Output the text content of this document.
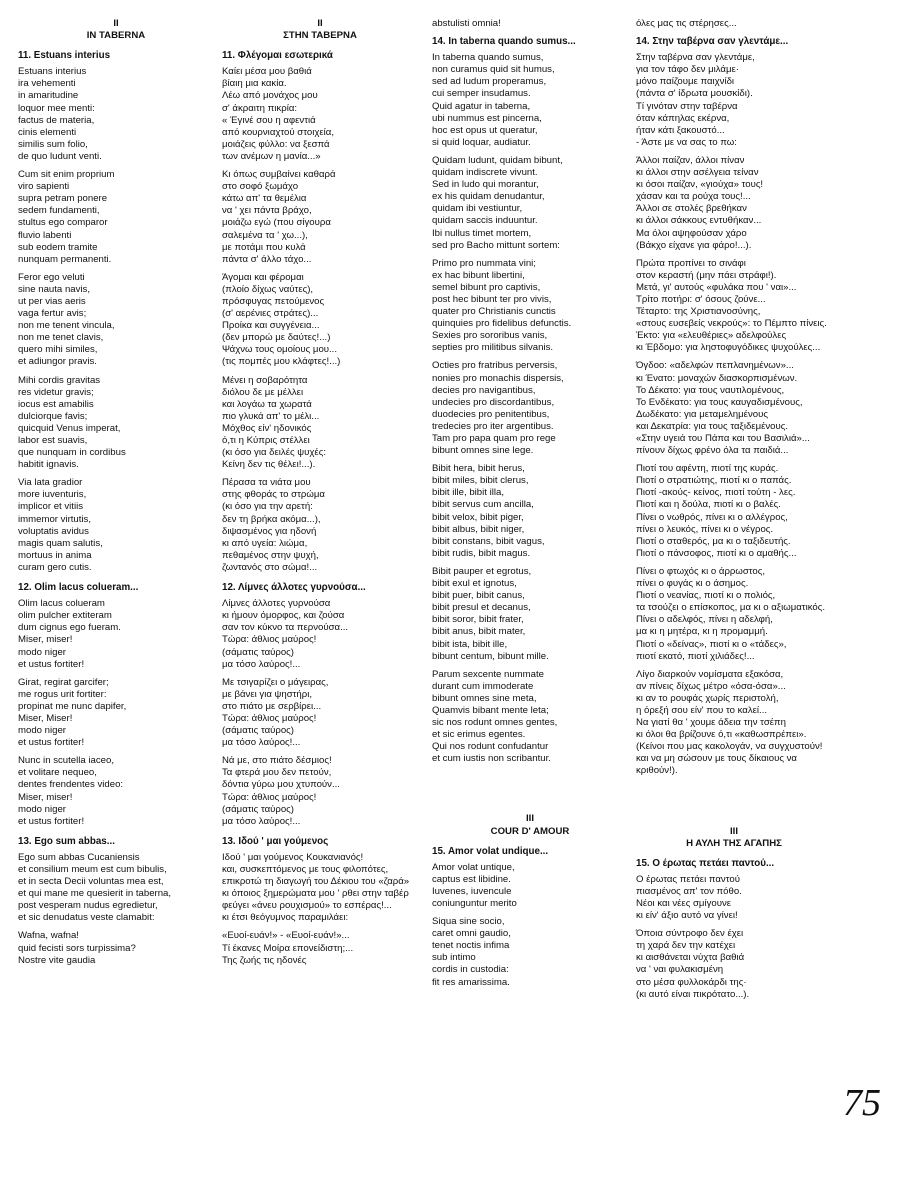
II
IN TABERNA
11. Estuans interius
Estuans interius
ira vehementi
in amaritudine
loquor mee menti:
factus de materia,
cinis elementi
similis sum folio,
de quo ludunt venti.
Cum sit enim proprium
viro sapienti
supra petram ponere
sedem fundamenti,
stultus ego comparor
fluvio labenti
sub eodem tramite
nunquam permanenti.
Feror ego veluti
sine nauta navis,
ut per vias aeris
vaga fertur avis;
non me tenent vincula,
non me tenet clavis,
quero mihi similes,
et adiungor pravis.
Mihi cordis gravitas
res videtur gravis;
iocus est amabilis
dulciorque favis;
quicquid Venus imperat,
labor est suavis,
que nunquam in cordibus
habitit ignavis.
Via lata gradior
more iuventuris,
implicor et vitiis
immemor virtutis,
voluptatis avidus
magis quam salutis,
mortuus in anima
curam gero cutis.
12. Olim lacus colueram...
Olim lacus colueram
olim pulcher extiteram
dum cignus ego fueram.
Miser, miser!
modo niger
et ustus fortiter!
Girat, regirat garcifer;
me rogus urit fortiter:
propinat me nunc dapifer,
Miser, Miser!
modo niger
et ustus fortiter!
Nunc in scutella iaceo,
et volitare nequeo,
dentes frendentes video:
Miser, miser!
modo niger
et ustus fortiter!
13. Ego sum abbas...
Ego sum abbas Cucaniensis
et consilium meum est cum bibulis,
et in secta Decii voluntas mea est,
et qui mane me quesierit in taberna,
post vesperam nudus egredietur,
et sic denudatus veste clamabit:
Wafna, wafna!
quid fecisti sors turpissima?
Nostre vite gaudia
II
ΣΤΗΝ ΤΑΒΕΡΝΑ
11. Φλέγομαι εσωτερικά
Καίει μέσα μου βαθιά
βίαιη μια κακία.
Λέω από μονάχος μου
σ' άκραιτη πικρία:
« Έγινέ σου η αφεντιά
από κουρνιαχτού στοιχεία,
μοιάζεις φύλλο: να ξεσπά
των ανέμων η μανία...»
Κι όπως συμβαίνει καθαρά
στο σοφό ξωμάχο
κάτω απ' τα θεμέλια
να ' χει πάντα βράχο,
μοιάζω εγώ (που σίγουρα
σαλεμένα τα ' χω...),
με ποτάμι που κυλά
πάντα σ' άλλο τάχο...
Άγομαι και φέρομαι
(πλοίο δίχως ναύτες),
πρόσφυγας πετούμενος
(σ' αερένιες στράτες)...
Προίκα και συγγένεια...
(δεν μπορώ με δαύτες!...)
Ψάχνω τους ομοίους μου...
(τις πομπές μου κλάφτες!...)
Μένει η σοβαρότητα
διόλου δε με μέλλει
και λογάω τα χωρατά
πιο γλυκά απ' το μέλι...
Μόχθος είν' ηδονικός
ό,τι η Κύπρις στέλλει
(κι όσο για δειλές ψυχές:
Κείνη δεν τις θέλει!...).
Πέρασα τα νιάτα μου
στης φθοράς το στρώμα
(κι όσο για την αρετή:
δεν τη βρήκα ακόμα...),
διψασμένος για ηδονή
κι από υγεία: λιώμα,
πεθαμένος στην ψυχή,
ζωντανός στο σώμα!...
12. Λίμνες άλλοτες γυρνούσα...
Λίμνες άλλοτες γυρνούσα
κι ήμουν όμορφος, και ζούσα
σαν τον κύκνο τα περνούσα...
Τώρα: άθλιος μαύρος!
(σάματις ταύρος)
μα τόσο λαύρος!...
Με τσιγαρίζει ο μάγειρας,
με βάνει για ψηστήρι,
στο πιάτο με σερβίρει...
Τώρα: άθλιος μαύρος!
(σάματις ταύρος)
μα τόσο λαύρος!...
Νά με, στο πιάτο δέσμιος!
Τα φτερά μου δεν πετούν,
δόντια γύρω μου χτυπούν...
Τώρα: άθλιος μαύρος!
(σάματις ταύρος)
μα τόσο λαύρος!...
13. Ιδού ' μαι γούμενος
Ιδού ' μαι γούμενος Κουκανιανός!
και, συσκεπτόμενος με τους φιλοπότες,
επικροτώ τη διαγωγή του Δέκιου του «ζαρά»
κι όποιος ξημερώματα μου ' ρθει στην ταβέρ
φεύγει «άνευ ρουχισμού» το εσπέρας!...
κι έτσι θεόγυμνος παραμιλάει:
«Ευοί-ευάν!» - «Ευοί-ευάν!»...
Τί έκανες Μοίρα επονείδιστη;...
Της ζωής τις ηδονές
abstulisti omnia!
14. In taberna quando sumus...
In taberna quando sumus,
non curamus quid sit humus,
sed ad ludum properamus,
cui semper insudamus.
Quid agatur in taberna,
ubi nummus est pincerna,
hoc est opus ut queratur,
si quid loquar, audiatur.
Quidam ludunt, quidam bibunt,
quidam indiscrete vivunt.
Sed in ludo qui morantur,
ex his quidam denudantur,
quidam ibi vestiuntur,
quidam saccis induuntur.
Ibi nullus timet mortem,
sed pro Bacho mittunt sortem:
Primo pro nummata vini;
ex hac bibunt libertini,
semel bibunt pro captivis,
post hec bibunt ter pro vivis,
quater pro Christianis cunctis
quinquies pro fidelibus defunctis.
Sexies pro sororibus vanis,
septies pro militibus silvanis.
Octies pro fratribus perversis,
nonies pro monachis dispersis,
decies pro navigantibus,
undecies pro discordantibus,
duodecies pro penitentibus,
tredecies pro iter argentibus.
Tam pro papa quam pro rege
bibunt omnes sine lege.
Bibit hera, bibit herus,
bibit miles, bibit clerus,
bibit ille, bibit illa,
bibit servus cum ancilla,
bibit velox, bibit piger,
bibit albus, bibit niger,
bibit constans, bibit vagus,
bibit rudis, bibit magus.
Bibit pauper et egrotus,
bibit exul et ignotus,
bibit puer, bibit canus,
bibit presul et decanus,
bibit soror, bibit frater,
bibit anus, bibit mater,
bibit ista, bibit ille,
bibunt centum, bibunt mille.
Parum sexcente nummate
durant cum immoderate
bibunt omnes sine meta,
Quamvis bibant mente leta;
sic nos rodunt omnes gentes,
et sic erimus egentes.
Qui nos rodunt confudantur
et cum iustis non scribantur.
III
COUR D' AMOUR
15. Amor volat undique...
Amor volat untique,
captus est libidine.
Iuvenes, iuvencule
coniunguntur merito
Siqua sine socio,
caret omni gaudio,
tenet noctis infima
sub intimo
cordis in custodia:
fit res amarissima.
όλες μας τις στέρησες...
14. Στην ταβέρνα σαν γλεντάμε...
Στην ταβέρνα σαν γλεντάμε,
για τον τάφο δεν μιλάμε·
μόνο παίζουμε παιχνίδι
(πάντα σ' ίδρωτα μουσκίδι).
Τί γινόταν στην ταβέρνα
όταν κάπηλας εκέρνα,
ήταν κάτι ξακουστό...
- Άστε με να σας το πω:
Άλλοι παίζαν, άλλοι πίναν
κι άλλοι στην ασέλγεια τείναν
κι όσοι παίζαν, «γιούχα» τους!
χάσαν και τα ρούχα τους!...
Άλλοι σε στολές βρεθήκαν
κι άλλοι σάκκους εντυθήκαν...
Μα όλοι αψηφούσαν χάρο
(Βάκχο είχανε για φάρο!...).
Πρώτα προπίνει το σινάφι
στον κεραστή (μην πάει στράφι!).
Μετά, γι' αυτούς «φυλάκα που ' ναι»...
Τρίτο ποτήρι: σ' όσους ζούνε...
Τέταρτο: της Χριστιανοσύνης,
«στους ευσεβείς νεκρούς»: το Πέμπτο πίνεις.
Έκτο: για «ελευθέριες» αδελφούλες
κι Έβδομο: για ληστοφυγόδικες ψυχούλες...
Όγδοο: «αδελφών πεπλανημένων»...
κι Ένατο: μοναχών διασκορπισμένων.
Το Δέκατο: για τους ναυτιλομένους,
Το Ενδέκατο: για τους καυγαδισμένους,
Δωδέκατο: για μεταμελημένους
και Δεκατρία: για τους ταξιδεμένους.
«Στην υγειά του Πάπα και του Βασιλιά»...
πίνουν δίχως φρένο όλα τα παιδιά...
Πιοτί του αφέντη, πιοτί της κυράς.
Πιοτί ο στρατιώτης, πιοτί κι ο παπάς.
Πιοτί -ακούς- κείνος, πιοτί τούτη - λες.
Πιοτί και η δούλα, πιοτί κι ο βαλές.
Πίνει ο νωθρός, πίνει κι ο αλλέγρος,
πίνει ο λευκός, πίνει κι ο νέγρος.
Πιοτί ο σταθερός, μα κι ο ταξιδευτής.
Πιοτί ο πάνσοφος, πιοτί κι ο αμαθής...
Πίνει ο φτωχός κι ο άρρωστος,
πίνει ο φυγάς κι ο άσημος.
Πιοτί ο νεανίας, πιοτί κι ο πολιός,
τα τσούζει ο επίσκοπος, μα κι ο αξιωματικός.
Πίνει ο αδελφός, πίνει η αδελφή,
μα κι η μητέρα, κι η προμαμμή.
Πιοτί ο «δείνας», πιοτί κι ο «τάδες»,
πιοτί εκατό, πιοτί χιλιάδες!...
Λίγο διαρκούν νομίσματα εξακόσα,
αν πίνεις δίχως μέτρο «όσα-όσα»...
κι αν το ρουφάς χωρίς περιστολή,
η όρεξή σου είν' που το καλεί...
Να γιατί θα ' χουμε άδεια την τσέπη
κι όλοι θα βρίζουνε ό,τι «καθωσπρέπει».
(Κείνοι που μας κακολογάν, να συγχυστούν!
και να μη σώσουν με τους δίκαιους να κριθούν!).
III
Η ΑΥΛΗ ΤΗΣ ΑΓΑΠΗΣ
15. Ο έρωτας πετάει παντού...
Ο έρωτας πετάει παντού
πιασμένος απ' τον πόθο.
Νέοι και νέες σμίγουνε
κι είν' άξιο αυτό να γίνει!
Όποια σύντροφο δεν έχει
τη χαρά δεν την κατέχει
κι αισθάνεται νύχτα βαθιά
να ' ναι φυλακισμένη
στο μέσα φυλλοκάρδι της·
(κι αυτό είναι πικρότατο...).
75
